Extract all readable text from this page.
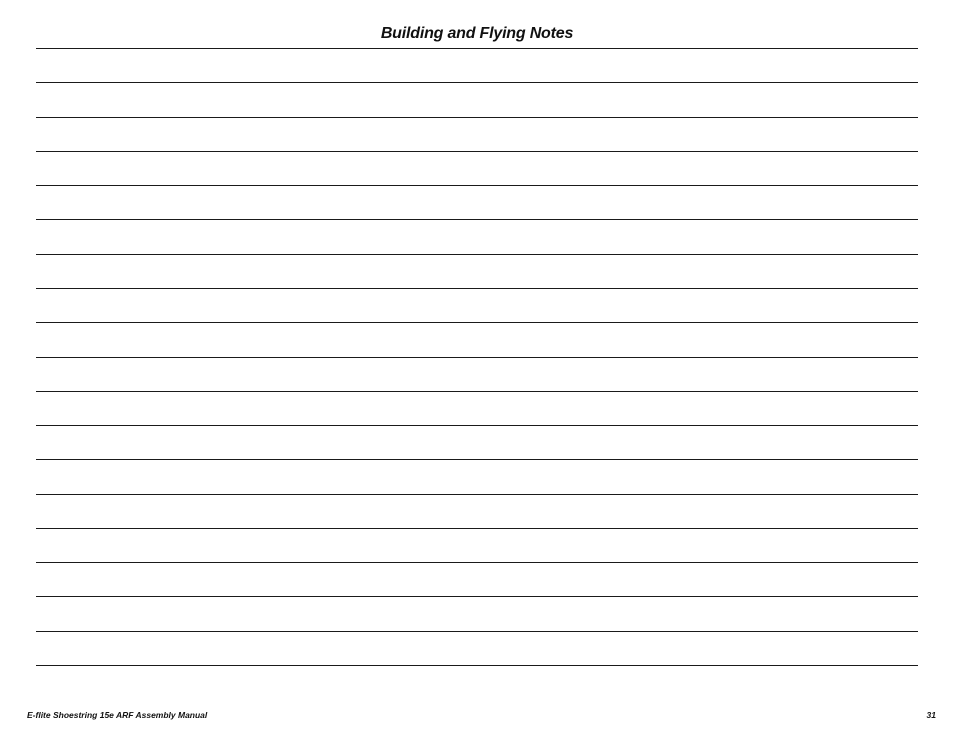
Building and Flying Notes
E-flite Shoestring 15e ARF Assembly Manual	31
